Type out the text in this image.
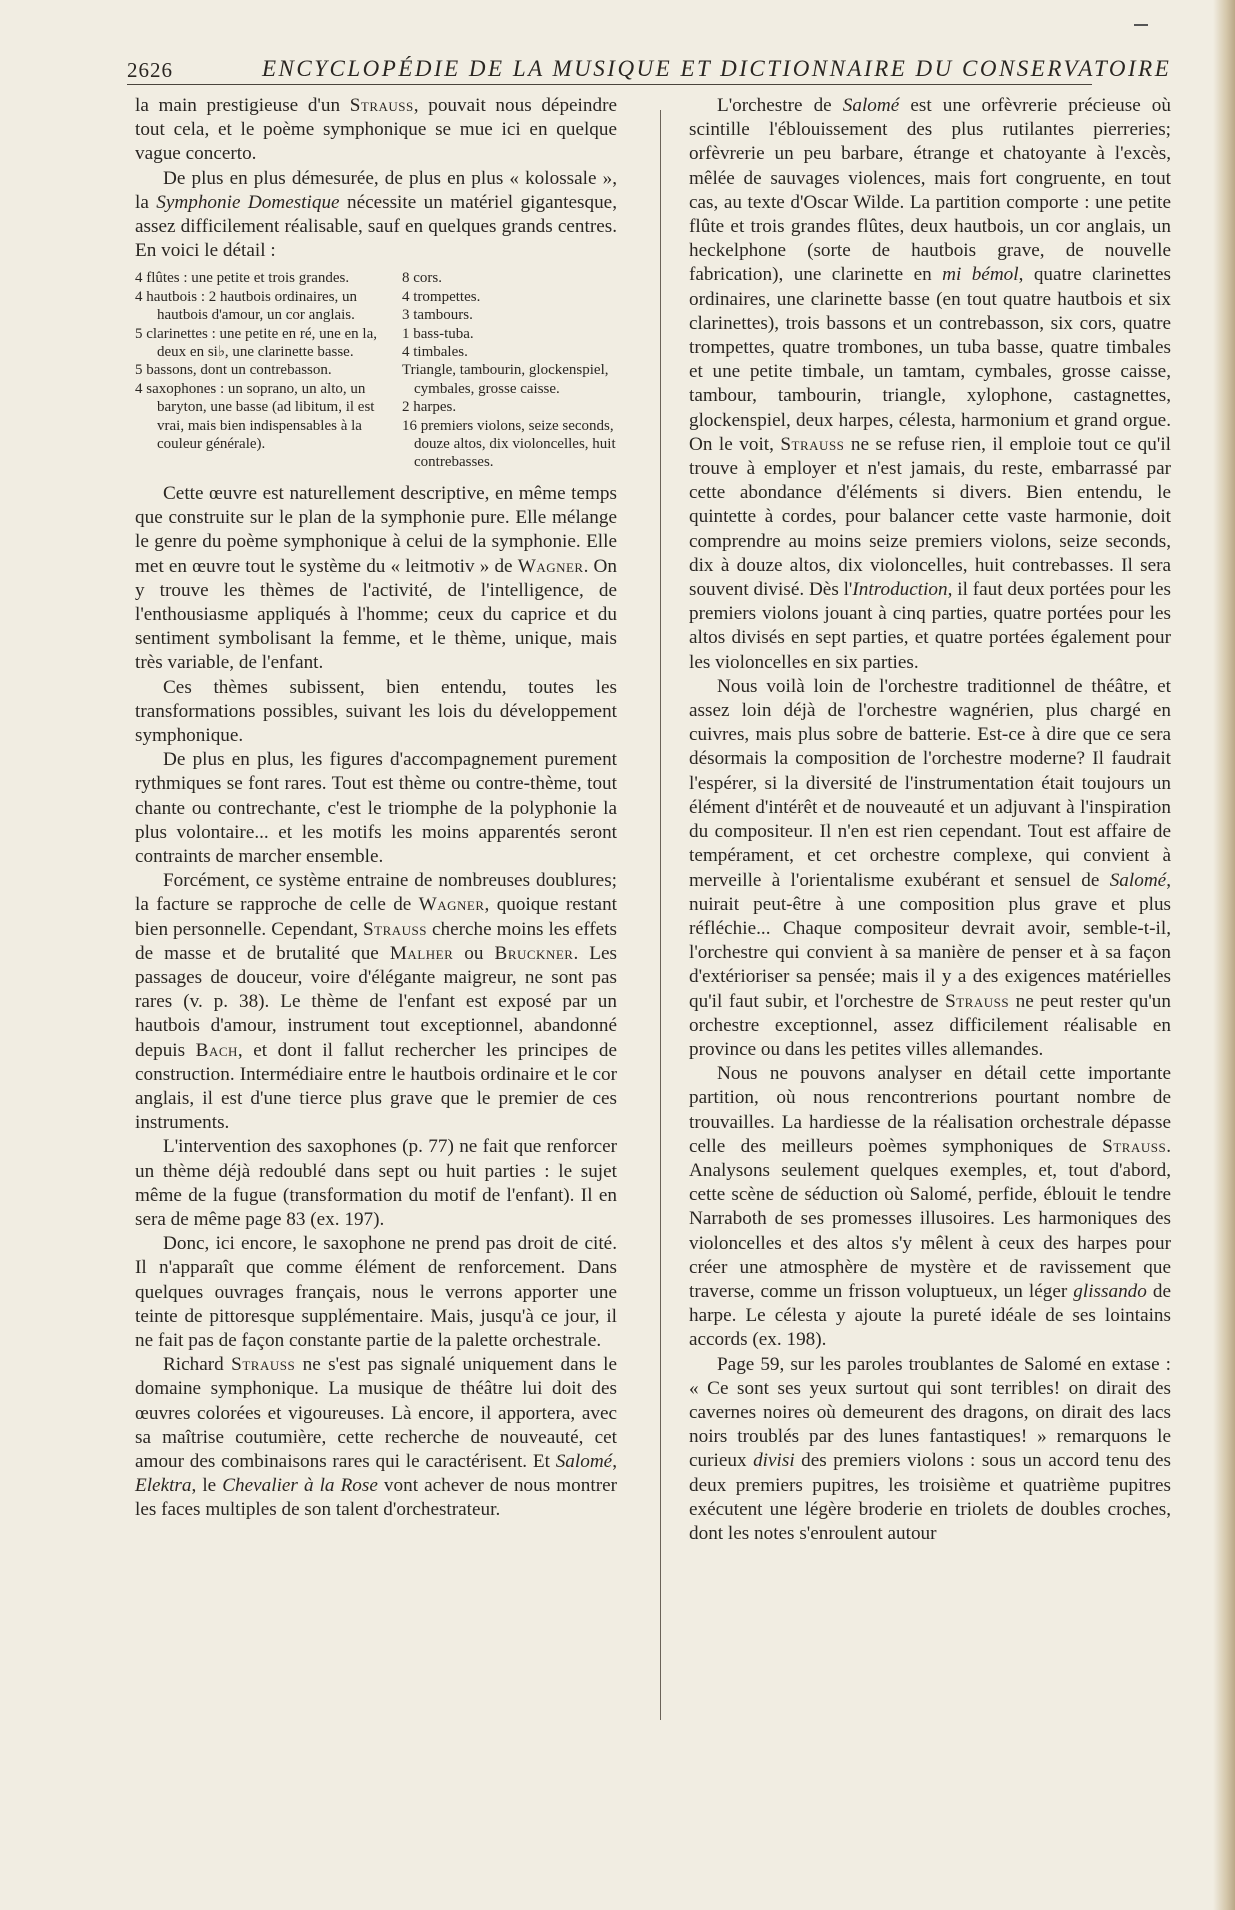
2626	ENCYCLOPÉDIE DE LA MUSIQUE ET DICTIONNAIRE DU CONSERVATOIRE

la main prestigieuse d'un Strauss, pouvait nous dépeindre tout cela, et le poème symphonique se mue ici en quelque vague concerto.

De plus en plus démesurée, de plus en plus « kolossale », la Symphonie Domestique nécessite un matériel gigantesque, assez difficilement réalisable, sauf en quelques grands centres. En voici le détail :

4 flûtes : une petite et trois grandes.
4 hautbois : 2 hautbois ordinaires, un hautbois d'amour, un cor anglais.
5 clarinettes : une petite en ré, une en la, deux en si♭, une clarinette basse.
5 bassons, dont un contrebasson.
4 saxophones : un soprano, un alto, un baryton, une basse (ad libitum, il est vrai, mais bien indispensables à la couleur générale).
8 cors.
4 trompettes.
3 tambours.
1 bass-tuba.
4 timbales.
Triangle, tambourin, glockenspiel, cymbales, grosse caisse.
2 harpes.
16 premiers violons, seize seconds, douze altos, dix violoncelles, huit contrebasses.

Cette œuvre est naturellement descriptive, en même temps que construite sur le plan de la symphonie pure. Elle mélange le genre du poème symphonique à celui de la symphonie. Elle met en œuvre tout le système du « leitmotiv » de Wagner. On y trouve les thèmes de l'activité, de l'intelligence, de l'enthousiasme appliqués à l'homme; ceux du caprice et du sentiment symbolisant la femme, et le thème, unique, mais très variable, de l'enfant.

Ces thèmes subissent, bien entendu, toutes les transformations possibles, suivant les lois du développement symphonique.

De plus en plus, les figures d'accompagnement purement rythmiques se font rares. Tout est thème ou contre-thème, tout chante ou contrechante, c'est le triomphe de la polyphonie la plus volontaire... et les motifs les moins apparentés seront contraints de marcher ensemble.

Forcément, ce système entraine de nombreuses doublures; la facture se rapproche de celle de Wagner, quoique restant bien personnelle. Cependant, Strauss cherche moins les effets de masse et de brutalité que Malher ou Bruckner. Les passages de douceur, voire d'élégante maigreur, ne sont pas rares (v. p. 38). Le thème de l'enfant est exposé par un hautbois d'amour, instrument tout exceptionnel, abandonné depuis Bach, et dont il fallut rechercher les principes de construction. Intermédiaire entre le hautbois ordinaire et le cor anglais, il est d'une tierce plus grave que le premier de ces instruments.

L'intervention des saxophones (p. 77) ne fait que renforcer un thème déjà redoublé dans sept ou huit parties : le sujet même de la fugue (transformation du motif de l'enfant). Il en sera de même page 83 (ex. 197).

Donc, ici encore, le saxophone ne prend pas droit de cité. Il n'apparaît que comme élément de renforcement. Dans quelques ouvrages français, nous le verrons apporter une teinte de pittoresque supplémentaire. Mais, jusqu'à ce jour, il ne fait pas de façon constante partie de la palette orchestrale.

Richard Strauss ne s'est pas signalé uniquement dans le domaine symphonique. La musique de théâtre lui doit des œuvres colorées et vigoureuses. Là encore, il apportera, avec sa maîtrise coutumière, cette recherche de nouveauté, cet amour des combinaisons rares qui le caractérisent. Et Salomé, Elektra, le Chevalier à la Rose vont achever de nous montrer les faces multiples de son talent d'orchestrateur.

L'orchestre de Salomé est une orfèvrerie précieuse où scintille l'éblouissement des plus rutilantes pierreries; orfèvrerie un peu barbare, étrange et chatoyante à l'excès, mêlée de sauvages violences, mais fort congruente, en tout cas, au texte d'Oscar Wilde. La partition comporte : une petite flûte et trois grandes flûtes, deux hautbois, un cor anglais, un heckelphone (sorte de hautbois grave, de nouvelle fabrication), une clarinette en mi bémol, quatre clarinettes ordinaires, une clarinette basse (en tout quatre hautbois et six clarinettes), trois bassons et un contrebasson, six cors, quatre trompettes, quatre trombones, un tuba basse, quatre timbales et une petite timbale, un tamtam, cymbales, grosse caisse, tambour, tambourin, triangle, xylophone, castagnettes, glockenspiel, deux harpes, célesta, harmonium et grand orgue. On le voit, Strauss ne se refuse rien, il emploie tout ce qu'il trouve à employer et n'est jamais, du reste, embarrassé par cette abondance d'éléments si divers. Bien entendu, le quintette à cordes, pour balancer cette vaste harmonie, doit comprendre au moins seize premiers violons, seize seconds, dix à douze altos, dix violoncelles, huit contrebasses. Il sera souvent divisé. Dès l'Introduction, il faut deux portées pour les premiers violons jouant à cinq parties, quatre portées pour les altos divisés en sept parties, et quatre portées également pour les violoncelles en six parties.

Nous voilà loin de l'orchestre traditionnel de théâtre, et assez loin déjà de l'orchestre wagnérien, plus chargé en cuivres, mais plus sobre de batterie. Est-ce à dire que ce sera désormais la composition de l'orchestre moderne? Il faudrait l'espérer, si la diversité de l'instrumentation était toujours un élément d'intérêt et de nouveauté et un adjuvant à l'inspiration du compositeur. Il n'en est rien cependant. Tout est affaire de tempérament, et cet orchestre complexe, qui convient à merveille à l'orientalisme exubérant et sensuel de Salomé, nuirait peut-être à une composition plus grave et plus réfléchie... Chaque compositeur devrait avoir, semble-t-il, l'orchestre qui convient à sa manière de penser et à sa façon d'extérioriser sa pensée; mais il y a des exigences matérielles qu'il faut subir, et l'orchestre de Strauss ne peut rester qu'un orchestre exceptionnel, assez difficilement réalisable en province ou dans les petites villes allemandes.

Nous ne pouvons analyser en détail cette importante partition, où nous rencontrerions pourtant nombre de trouvailles. La hardiesse de la réalisation orchestrale dépasse celle des meilleurs poèmes symphoniques de Strauss. Analysons seulement quelques exemples, et, tout d'abord, cette scène de séduction où Salomé, perfide, éblouit le tendre Narraboth de ses promesses illusoires. Les harmoniques des violoncelles et des altos s'y mêlent à ceux des harpes pour créer une atmosphère de mystère et de ravissement que traverse, comme un frisson voluptueux, un léger glissando de harpe. Le célesta y ajoute la pureté idéale de ses lointains accords (ex. 198).

Page 59, sur les paroles troublantes de Salomé en extase : « Ce sont ses yeux surtout qui sont terribles! on dirait des cavernes noires où demeurent des dragons, on dirait des lacs noirs troublés par des lunes fantastiques! » remarquons le curieux divisi des premiers violons : sous un accord tenu des deux premiers pupitres, les troisième et quatrième pupitres exécutent une légère broderie en triolets de doubles croches, dont les notes s'enroulent autour
